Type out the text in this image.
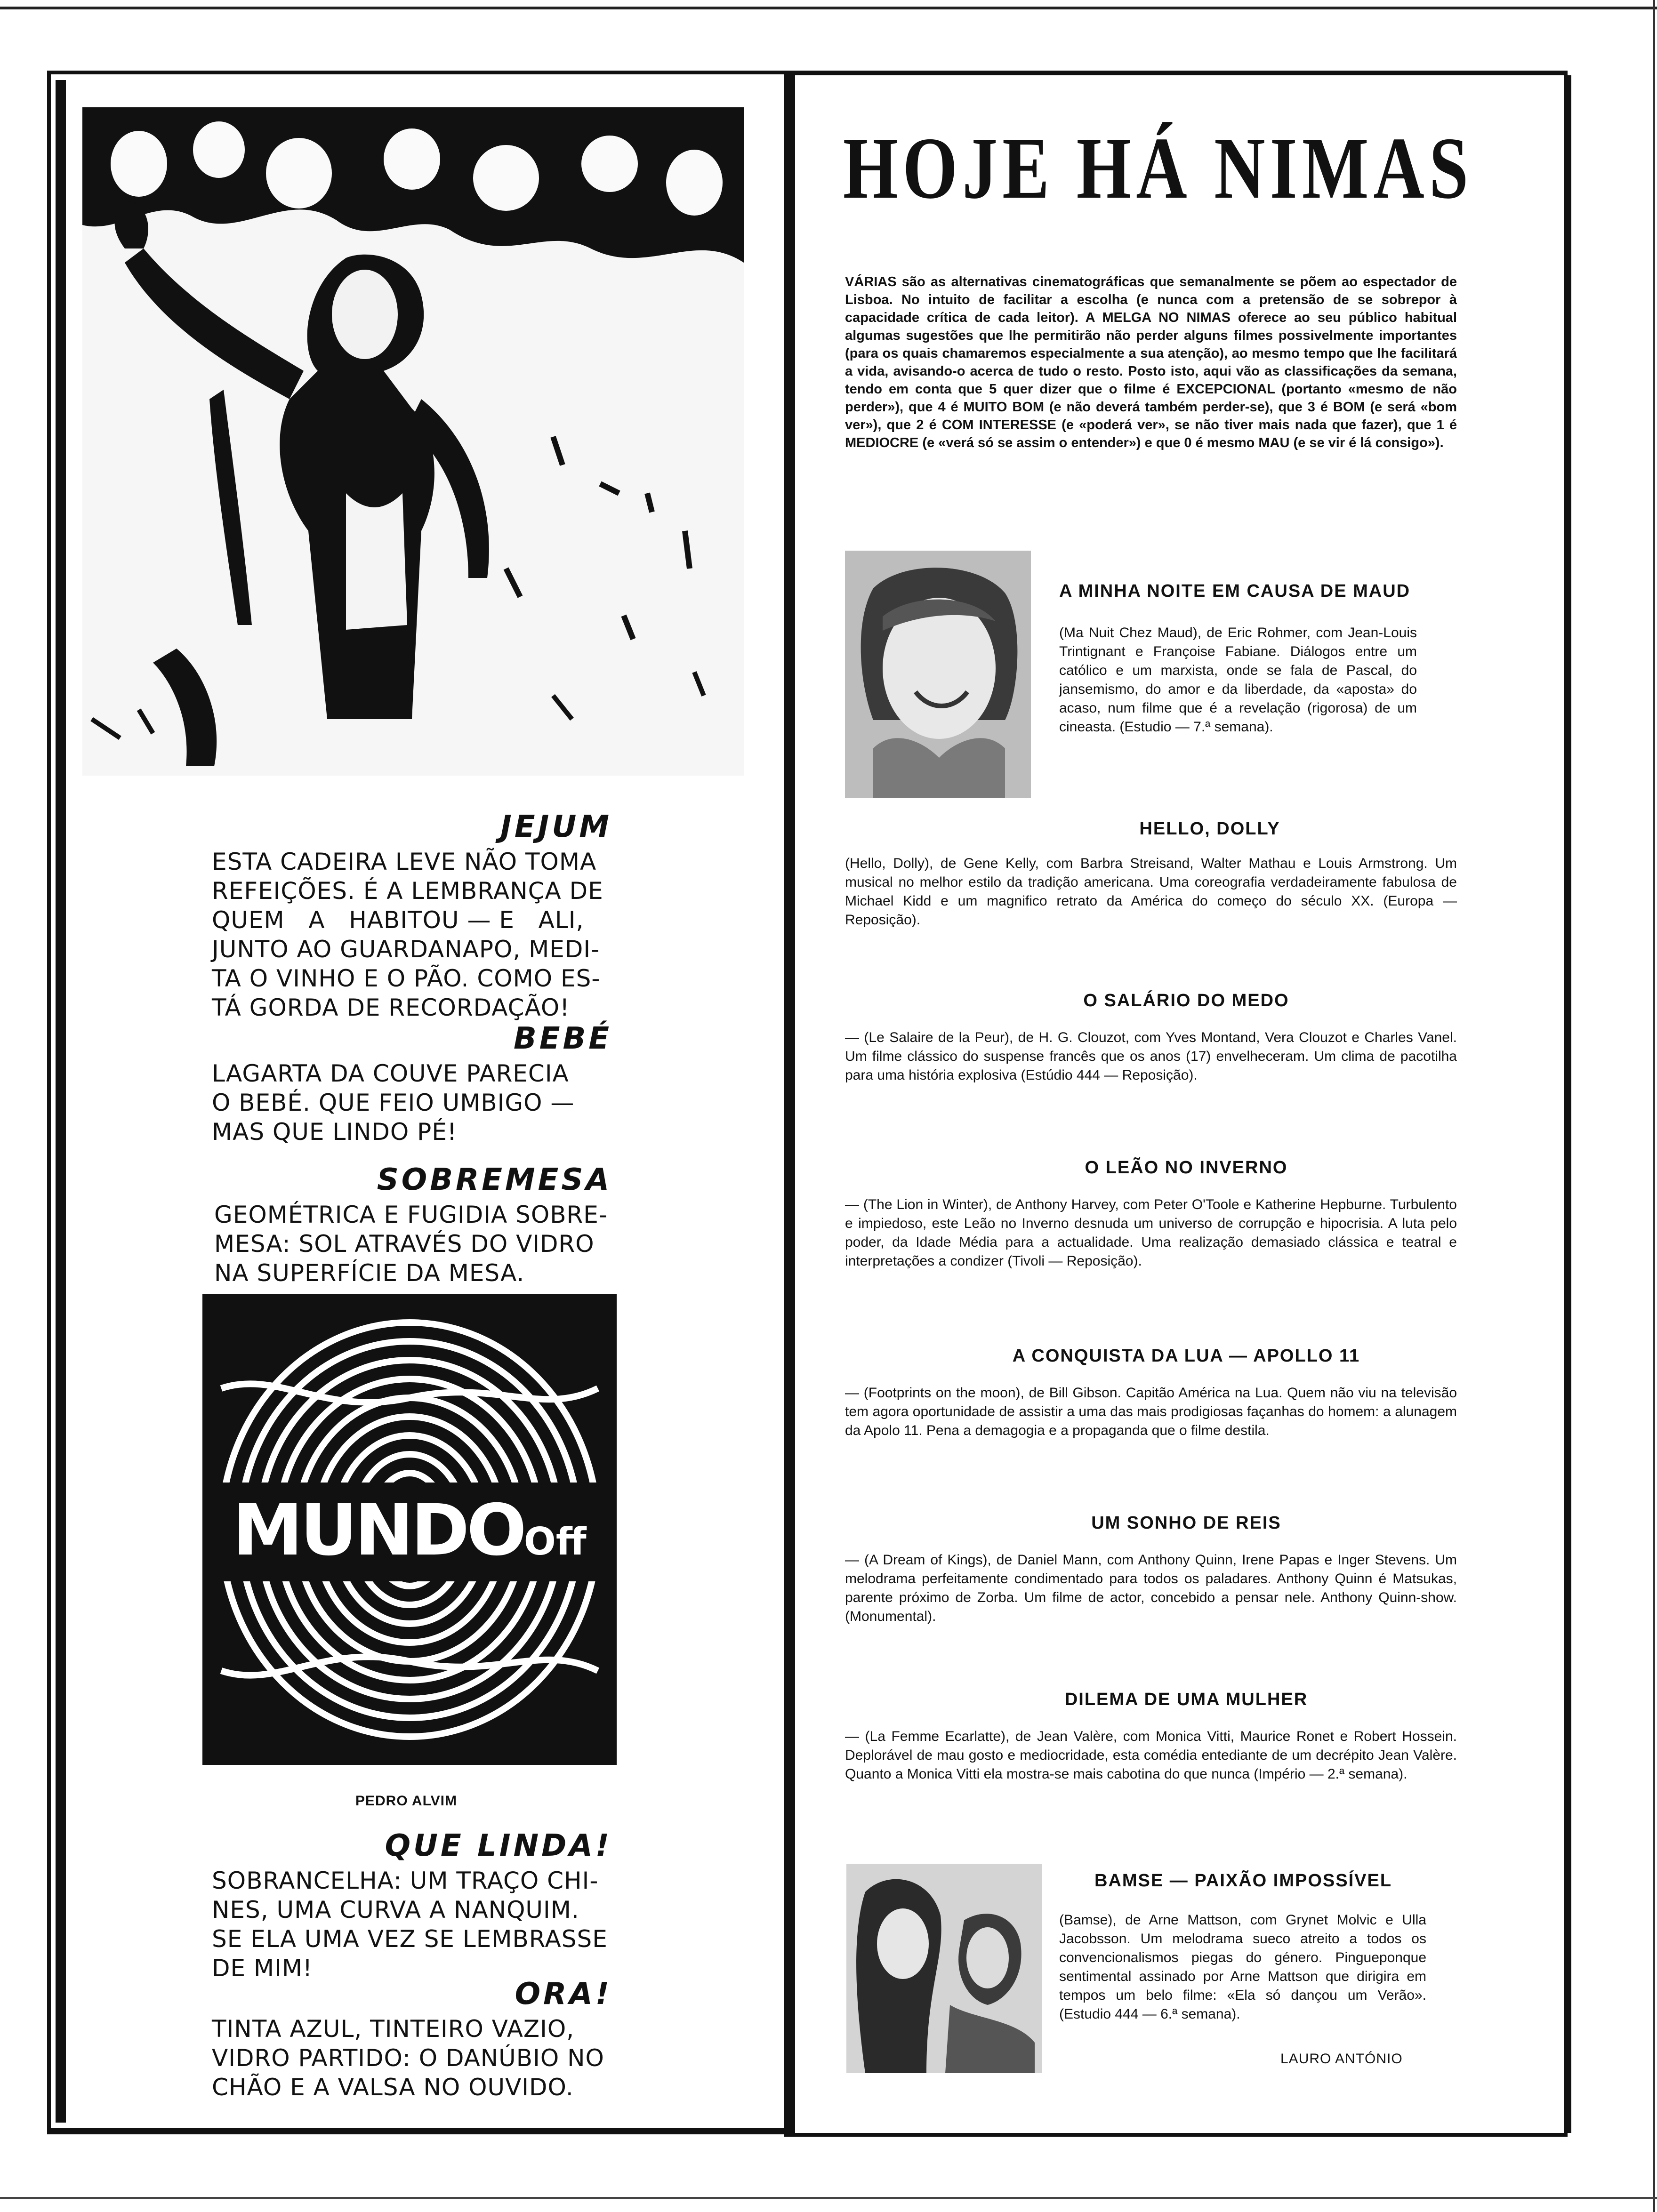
JEJUM
ESTA CADEIRA LEVE NÃO TOMA
REFEIÇÕES. É A LEMBRANÇA DE
QUEM   A   HABITOU — E   ALI,
JUNTO AO GUARDANAPO, MEDI-
TA O VINHO E O PÃO. COMO ES-
TÁ GORDA DE RECORDAÇÃO!
BEBÉ
LAGARTA DA COUVE PARECIA
O BEBÉ. QUE FEIO UMBIGO —
MAS QUE LINDO PÉ!
SOBREMESA
GEOMÉTRICA E FUGIDIA SOBRE-
MESA: SOL ATRAVÉS DO VIDRO
NA SUPERFÍCIE DA MESA.
MUNDOOff
PEDRO ALVIM
QUE LINDA!
SOBRANCELHA: UM TRAÇO CHI-
NES, UMA CURVA A NANQUIM.
SE ELA UMA VEZ SE LEMBRASSE
DE MIM!
ORA!
TINTA AZUL, TINTEIRO VAZIO,
VIDRO PARTIDO: O DANÚBIO NO
CHÃO E A VALSA NO OUVIDO.
HOJE HÁ NIMAS
VÁRIAS são as alternativas cinematográficas que semanalmente se põem ao espectador de Lisboa. No intuito de facilitar a escolha (e nunca com a pretensão de se sobrepor à capacidade crítica de cada leitor). A MELGA NO NIMAS oferece ao seu público habitual algumas sugestões que lhe permitirão não perder alguns filmes possivelmente importantes (para os quais chamaremos especialmente a sua atenção), ao mesmo tempo que lhe facilitará a vida, avisando-o acerca de tudo o resto. Posto isto, aqui vão as classificações da semana, tendo em conta que 5 quer dizer que o filme é EXCEPCIONAL (portanto «mesmo de não perder»), que 4 é MUITO BOM (e não deverá também perder-se), que 3 é BOM (e será «bom ver»), que 2 é COM INTERESSE (e «poderá ver», se não tiver mais nada que fazer), que 1 é MEDIOCRE (e «verá só se assim o entender») e que 0 é mesmo MAU (e se vir é lá consigo»).
A MINHA NOITE EM CAUSA DE MAUD
(Ma Nuit Chez Maud), de Eric Rohmer, com Jean-Louis Trintignant e Françoise Fabiane. Diálogos entre um católico e um marxista, onde se fala de Pascal, do jansemismo, do amor e da liberdade, da «aposta» do acaso, num filme que é a revelação (rigorosa) de um cineasta. (Estudio — 7.ª semana).
HELLO, DOLLY
(Hello, Dolly), de Gene Kelly, com Barbra Streisand, Walter Mathau e Louis Armstrong. Um musical no melhor estilo da tradição americana. Uma coreografia verdadeiramente fabulosa de Michael Kidd e um magnifico retrato da América do começo do século XX. (Europa — Reposição).
O SALÁRIO DO MEDO
— (Le Salaire de la Peur), de H. G. Clouzot, com Yves Montand, Vera Clouzot e Charles Vanel. Um filme clássico do suspense francês que os anos (17) envelheceram. Um clima de pacotilha para uma história explosiva (Estúdio 444 — Reposição).
O LEÃO NO INVERNO
— (The Lion in Winter), de Anthony Harvey, com Peter O'Toole e Katherine Hepburne. Turbulento e impiedoso, este Leão no Inverno desnuda um universo de corrupção e hipocrisia. A luta pelo poder, da Idade Média para a actualidade. Uma realização demasiado clássica e teatral e interpretações a condizer (Tivoli — Reposição).
A CONQUISTA DA LUA — APOLLO 11
— (Footprints on the moon), de Bill Gibson. Capitão América na Lua. Quem não viu na televisão tem agora oportunidade de assistir a uma das mais prodigiosas façanhas do homem: a alunagem da Apolo 11. Pena a demagogia e a propaganda que o filme destila.
UM SONHO DE REIS
— (A Dream of Kings), de Daniel Mann, com Anthony Quinn, Irene Papas e Inger Stevens. Um melodrama perfeitamente condimentado para todos os paladares. Anthony Quinn é Matsukas, parente próximo de Zorba. Um filme de actor, concebido a pensar nele. Anthony Quinn-show. (Monumental).
DILEMA DE UMA MULHER
— (La Femme Ecarlatte), de Jean Valère, com Monica Vitti, Maurice Ronet e Robert Hossein. Deplorável de mau gosto e mediocridade, esta comédia entediante de um decrépito Jean Valère. Quanto a Monica Vitti ela mostra-se mais cabotina do que nunca (Império — 2.ª semana).
BAMSE — PAIXÃO IMPOSSÍVEL
(Bamse), de Arne Mattson, com Grynet Molvic e Ulla Jacobsson. Um melodrama sueco atreito a todos os convencionalismos piegas do género. Pingueponque sentimental assinado por Arne Mattson que dirigira em tempos um belo filme: «Ela só dançou um Verão». (Estudio 444 — 6.ª semana).
LAURO ANTÓNIO
